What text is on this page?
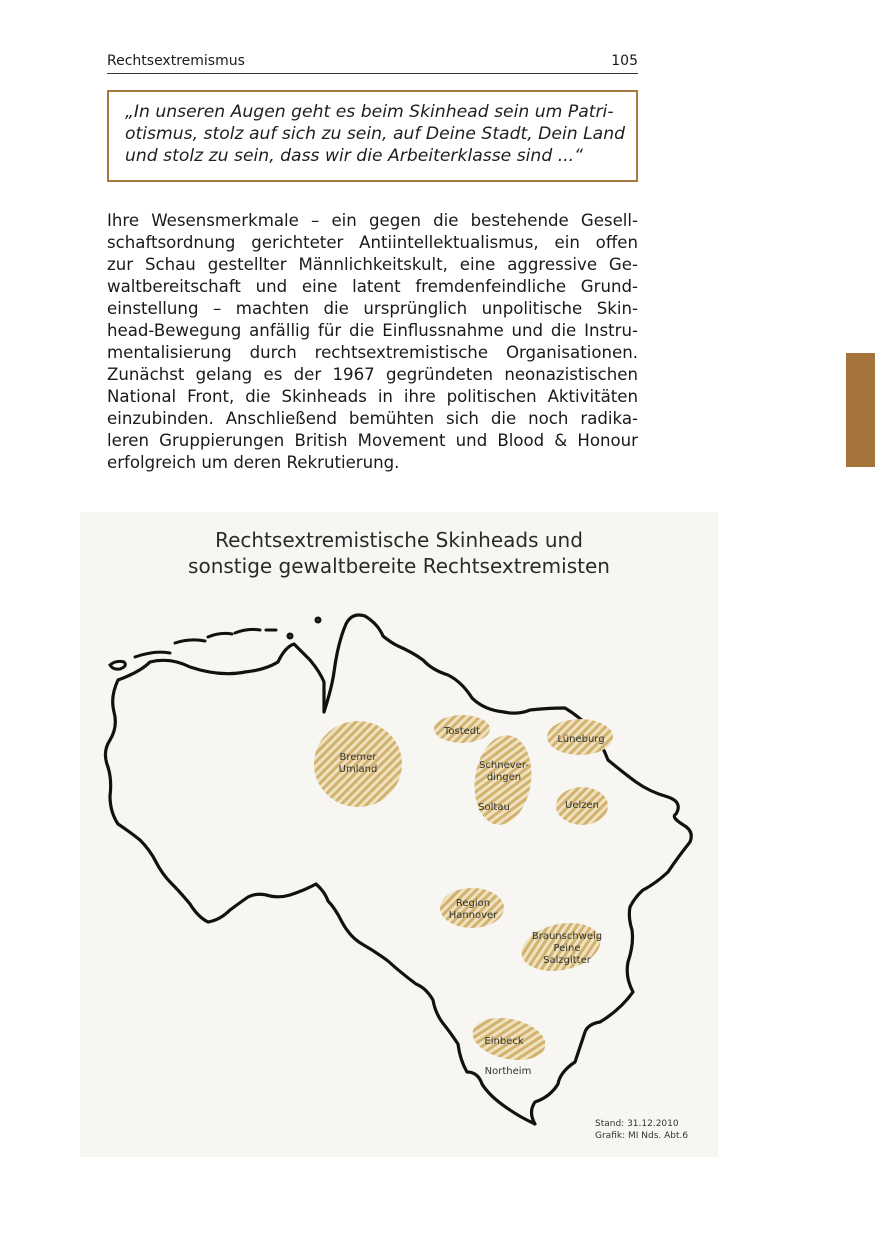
Rechtsextremismus	105
„In unseren Augen geht es beim Skinhead sein um Patri-
otismus, stolz auf sich zu sein, auf Deine Stadt, Dein Land
und stolz zu sein, dass wir die Arbeiterklasse sind ...“
Ihre Wesensmerkmale – ein gegen die bestehende Gesell-
schaftsordnung gerichteter Antiintellektualismus, ein offen
zur Schau gestellter Männlichkeitskult, eine aggressive Ge-
waltbereitschaft und eine latent fremdenfeindliche Grund-
einstellung – machten die ursprünglich unpolitische Skin-
head-Bewegung anfällig für die Einflussnahme und die Instru-
mentalisierung durch rechtsextremistische Organisationen.
Zunächst gelang es der 1967 gegründeten neonazistischen
National Front, die Skinheads in ihre politischen Aktivitäten
einzubinden. Anschließend bemühten sich die noch radika-
leren Gruppierungen British Movement und Blood & Honour
erfolgreich um deren Rekrutierung.
Rechtsextremistische Skinheads und
sonstige gewaltbereite Rechtsextremisten
Bremer
Umland
Tostedt
Schnever-
dingen
Soltau
Lüneburg
Uelzen
Region
Hannover
Braunschweig
Peine
Salzgitter
Einbeck
Northeim
Stand: 31.12.2010
Grafik: MI Nds. Abt.6
